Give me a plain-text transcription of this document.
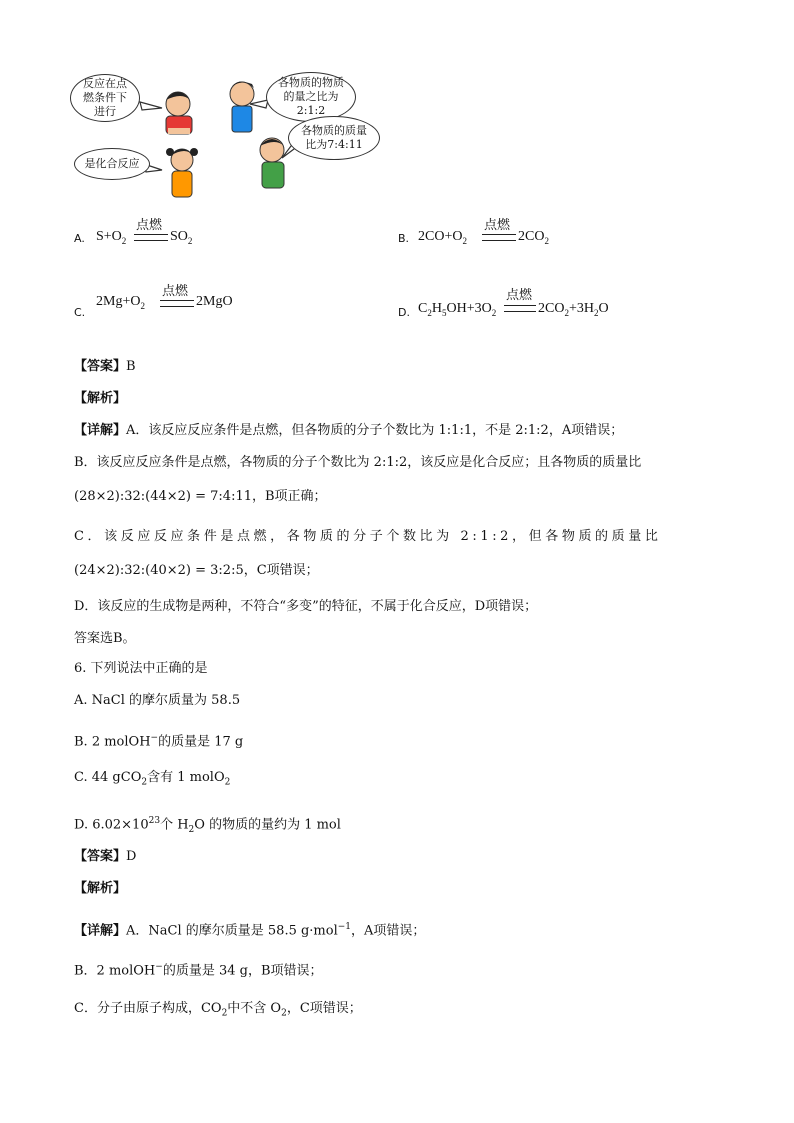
反应在点燃条件下进行
各物质的物质的量之比为2:1:2
各物质的质量比为7:4:11
是化合反应
A. $S+O_2$
点燃
$SO_2$	B. $2CO+O_2$
点燃
$2CO_2$
C.
$2Mg+O_2$
点燃
2MgO
D. $C_2H_5OH+3O_2$
点燃
$2CO_2+3H_2O$
【答案】B
【解析】
【详解】A．该反应反应条件是点燃，但各物质的分子个数比为 1:1:1，不是 2:1:2，A项错误；
B．该反应反应条件是点燃，各物质的分子个数比为 2:1:2，该反应是化合反应；且各物质的质量比
(28×2):32:(44×2) = 7:4:11，B项正确；
C．该反应反应条件是点燃，各物质的分子个数比为 2:1:2，但各物质的质量比
(24×2):32:(40×2) = 3:2:5，C项错误；
D．该反应的生成物是两种，不符合“多变”的特征，不属于化合反应，D项错误；
答案选B。
6. 下列说法中正确的是
A. NaCl 的摩尔质量为 58.5
B. 2 molOH−的质量是 17 g
C. 44 gCO$_2$含有 1 molO$_2$
D. $6.02\times 10^{23}$个 $H_2O$ 的物质的量约为 1 mol
【答案】D
【解析】
【详解】A．NaCl 的摩尔质量是 58.5 g·mol$^{-1}$，A项错误；
B．2 molOH−的质量是 34 g，B项错误；
C．分子由原子构成，$CO_2$中不含 $O_2$，C项错误；
